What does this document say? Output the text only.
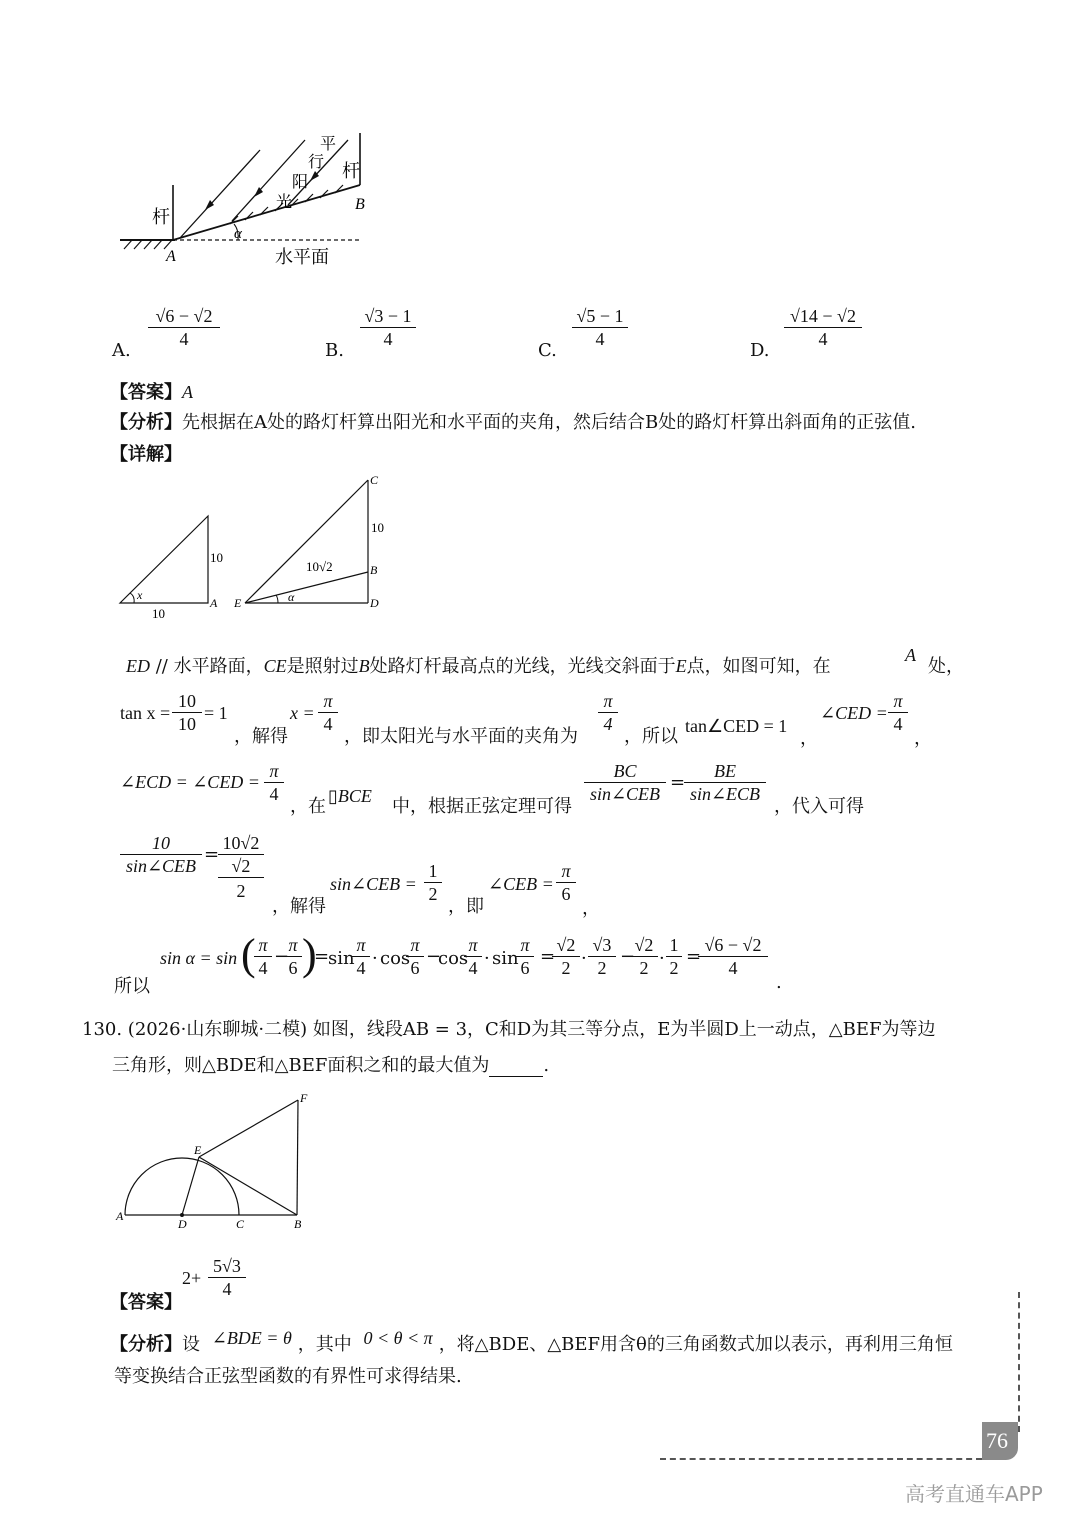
杆
杆
平
行
阳
光
A
B
α
水平面
A.
$\frac{√6 - √2}{4}$
B.
$\frac{√3 - 1}{4}$
C.
$\frac{√5 - 1}{4}$
D.
$\frac{√14 - √2}{4}$
【答案】A
【分析】先根据在A处的路灯杆算出阳光和水平面的夹角，然后结合B处的路灯杆算出斜面角的正弦值.
【详解】
10
10
x
A
C
B
E	D
10
10√2
α
ED // 水平路面，CE是照射过B处路灯杆最高点的光线，光线交斜面于E点，如图可知，在
A
处，
$\tan x = \frac{10}{10} = 1$
，解得
$x = \frac{\pi}{4}$
，即太阳光与水平面的夹角为
$\frac{\pi}{4}$
，所以 tan∠CED = 1
，
∠CED = $\frac{\pi}{4}$
，
∠ECD = ∠CED = $\frac{\pi}{4}$
，在 ▯BCE 中，根据正弦定理可得
BC
sin∠CEB
=
BE
sin∠ECB
，代入可得
10
sin∠CEB
=
10√2
√2
2
，解得
sin∠CEB = $\frac{1}{2}$
，即
∠CEB = $\frac{\pi}{6}$
，
所以
sin α = sin (
$\frac{\pi}{4}$ −
$\frac{\pi}{6}$ )
=
sin
$\frac{\pi}{4} \cdot \cos$
$\frac{\pi}{6}$ −
cos
$\frac{\pi}{4} \cdot \sin$
$\frac{\pi}{6}$ =
$\frac{√2}{2} \cdot \frac{√3}{2}$ −
$\frac{√2}{2} \cdot \frac{1}{2}$ =
$\frac{√6 - √2}{4}$
.
130. (2026·山东聊城·二模) 如图，线段AB = 3，C和D为其三等分点，E为半圆D上一动点，△BEF为等边
三角形，则△BDE和△BEF面积之和的最大值为	.
A
D	C	B
E
F
【答案】
$2+ \frac{5√3}{4}$
【分析】设 ∠BDE = θ ，其中 0 < θ < π ，将△BDE、△BEF用含θ的三角函数式加以表示，再利用三角恒
等变换结合正弦型函数的有界性可求得结果.
76
高考直通车APP
